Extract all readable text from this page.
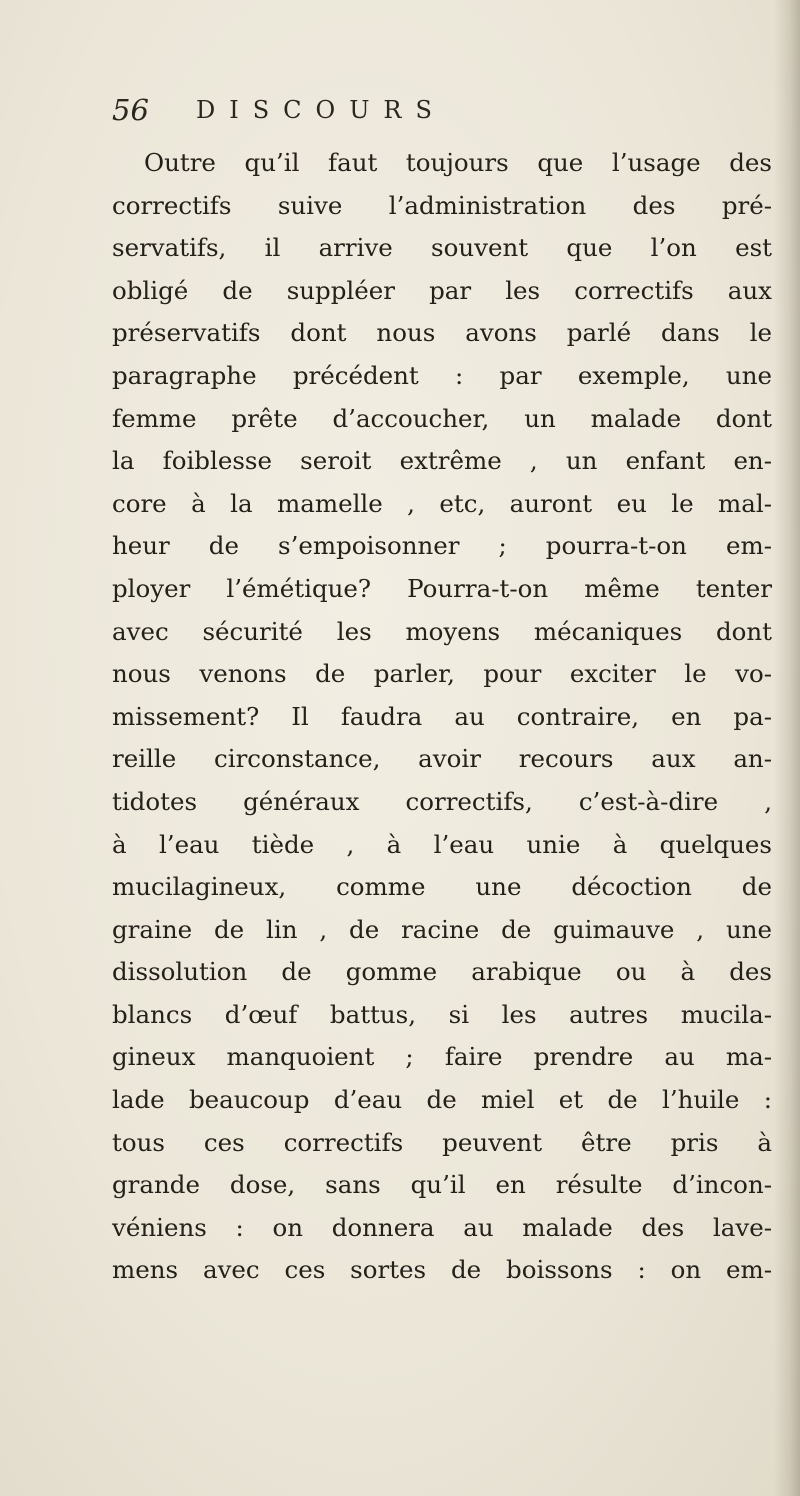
56 DISCOURS
Outre qu’il faut toujours que l’usage des
correctifs suive l’administration des pré-
servatifs, il arrive souvent que l’on est
obligé de suppléer par les correctifs aux
préservatifs dont nous avons parlé dans le
paragraphe précédent : par exemple, une
femme prête d’accoucher, un malade dont
la foiblesse seroit extrême , un enfant en-
core à la mamelle , etc, auront eu le mal-
heur de s’empoisonner ; pourra-t-on em-
ployer l’émétique? Pourra-t-on même tenter
avec sécurité les moyens mécaniques dont
nous venons de parler, pour exciter le vo-
missement? Il faudra au contraire, en pa-
reille circonstance, avoir recours aux an-
tidotes généraux correctifs, c’est-à-dire ,
à l’eau tiède , à l’eau unie à quelques
mucilagineux, comme une décoction de
graine de lin , de racine de guimauve , une
dissolution de gomme arabique ou à des
blancs d’œuf battus, si les autres mucila-
gineux manquoient ; faire prendre au ma-
lade beaucoup d’eau de miel et de l’huile :
tous ces correctifs peuvent être pris à
grande dose, sans qu’il en résulte d’incon-
véniens : on donnera au malade des lave-
mens avec ces sortes de boissons : on em-
